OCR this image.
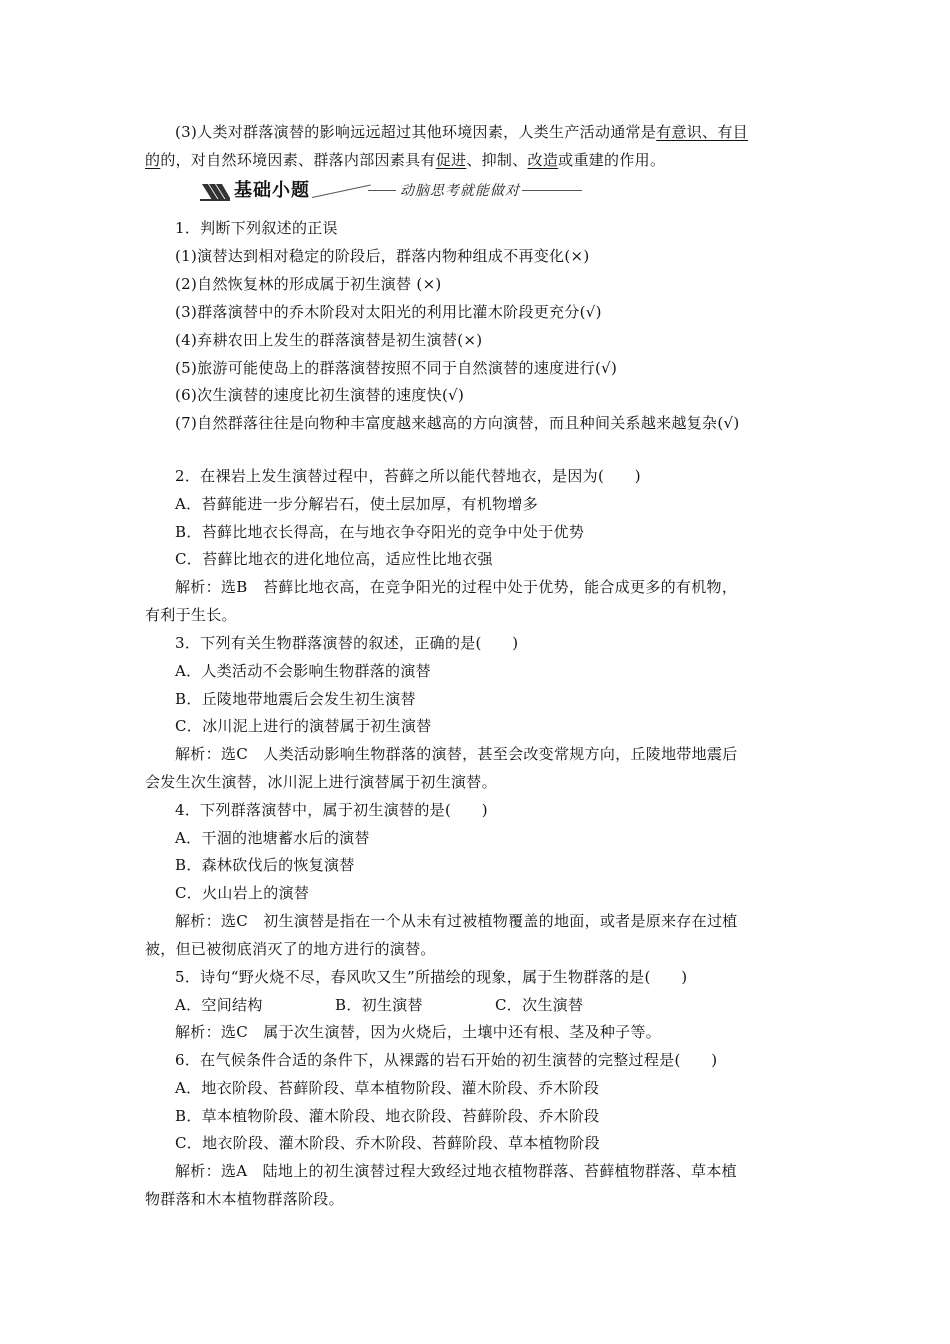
(3)人类对群落演替的影响远远超过其他环境因素，人类生产活动通常是有意识、有目
的的，对自然环境因素、群落内部因素具有促进、抑制、改造或重建的作用。
基础小题	动脑思考就能做对
1．判断下列叙述的正误
(1)演替达到相对稳定的阶段后，群落内物种组成不再变化(×)
(2)自然恢复林的形成属于初生演替 (×)
(3)群落演替中的乔木阶段对太阳光的利用比灌木阶段更充分(√)
(4)弃耕农田上发生的群落演替是初生演替(×)
(5)旅游可能使岛上的群落演替按照不同于自然演替的速度进行(√)
(6)次生演替的速度比初生演替的速度快(√)
(7)自然群落往往是向物种丰富度越来越高的方向演替，而且种间关系越来越复杂(√)
2．在裸岩上发生演替过程中，苔藓之所以能代替地衣，是因为(　　)
A．苔藓能进一步分解岩石，使土层加厚，有机物增多
B．苔藓比地衣长得高，在与地衣争夺阳光的竞争中处于优势
C．苔藓比地衣的进化地位高，适应性比地衣强
解析：选B　苔藓比地衣高，在竞争阳光的过程中处于优势，能合成更多的有机物，
有利于生长。
3．下列有关生物群落演替的叙述，正确的是(　　)
A．人类活动不会影响生物群落的演替
B．丘陵地带地震后会发生初生演替
C．冰川泥上进行的演替属于初生演替
解析：选C　人类活动影响生物群落的演替，甚至会改变常规方向，丘陵地带地震后
会发生次生演替，冰川泥上进行演替属于初生演替。
4．下列群落演替中，属于初生演替的是(　　)
A．干涸的池塘蓄水后的演替
B．森林砍伐后的恢复演替
C．火山岩上的演替
解析：选C　初生演替是指在一个从未有过被植物覆盖的地面，或者是原来存在过植
被，但已被彻底消灭了的地方进行的演替。
5．诗句“野火烧不尽，春风吹又生”所描绘的现象，属于生物群落的是(　　)
A．空间结构	B．初生演替	C．次生演替
解析：选C　属于次生演替，因为火烧后，土壤中还有根、茎及种子等。
6．在气候条件合适的条件下，从裸露的岩石开始的初生演替的完整过程是(　　)
A．地衣阶段、苔藓阶段、草本植物阶段、灌木阶段、乔木阶段
B．草本植物阶段、灌木阶段、地衣阶段、苔藓阶段、乔木阶段
C．地衣阶段、灌木阶段、乔木阶段、苔藓阶段、草本植物阶段
解析：选A　陆地上的初生演替过程大致经过地衣植物群落、苔藓植物群落、草本植
物群落和木本植物群落阶段。
